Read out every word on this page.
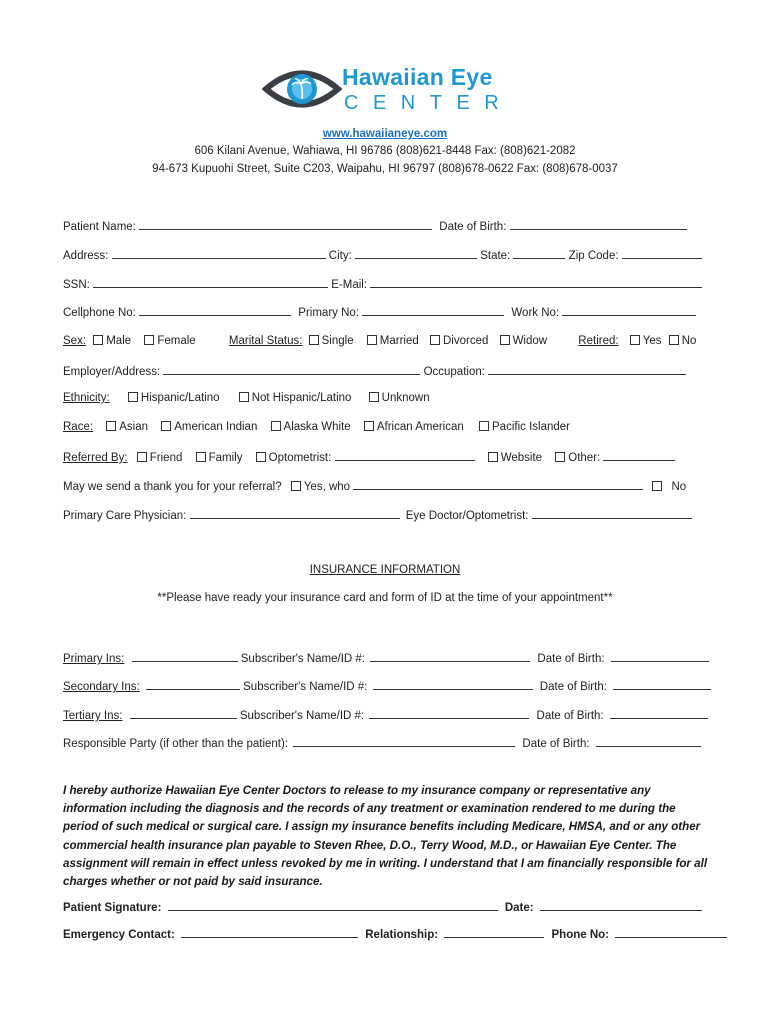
Hawaiian Eye
CENTER
www.hawaiianeye.com
606 Kilani Avenue, Wahiawa, HI 96786 (808)621-8448 Fax: (808)621-2082
94-673 Kupuohi Street, Suite C203, Waipahu, HI 96797 (808)678-0622 Fax: (808)678-0037
Patient Name:	Date of Birth:
Address:	City:	State:	Zip Code:
SSN:	E-Mail:
Cellphone No:	Primary No:	Work No:
Sex: Male Female	Marital Status: Single Married Divorced Widow	Retired: Yes No
Employer/Address:	Occupation:
Ethnicity:	Hispanic/Latino	Not Hispanic/Latino	Unknown
Race: Asian American Indian Alaska White African American Pacific Islander
Referred By: Friend Family Optometrist:	Website Other:
May we send a thank you for your referral? Yes, who	No
Primary Care Physician:	Eye Doctor/Optometrist:
INSURANCE INFORMATION
**Please have ready your insurance card and form of ID at the time of your appointment**
Primary Ins:	Subscriber's Name/ID #:	Date of Birth:
Secondary Ins:	Subscriber's Name/ID #:	Date of Birth:
Tertiary Ins:	Subscriber's Name/ID #:	Date of Birth:
Responsible Party (if other than the patient):	Date of Birth:
I hereby authorize Hawaiian Eye Center Doctors to release to my insurance company or representative any information including the diagnosis and the records of any treatment or examination rendered to me during the period of such medical or surgical care. I assign my insurance benefits including Medicare, HMSA, and or any other commercial health insurance plan payable to Steven Rhee, D.O., Terry Wood, M.D., or Hawaiian Eye Center. The assignment will remain in effect unless revoked by me in writing. I understand that I am financially responsible for all charges whether or not paid by said insurance.
Patient Signature:	Date:
Emergency Contact:	Relationship:	Phone No:
